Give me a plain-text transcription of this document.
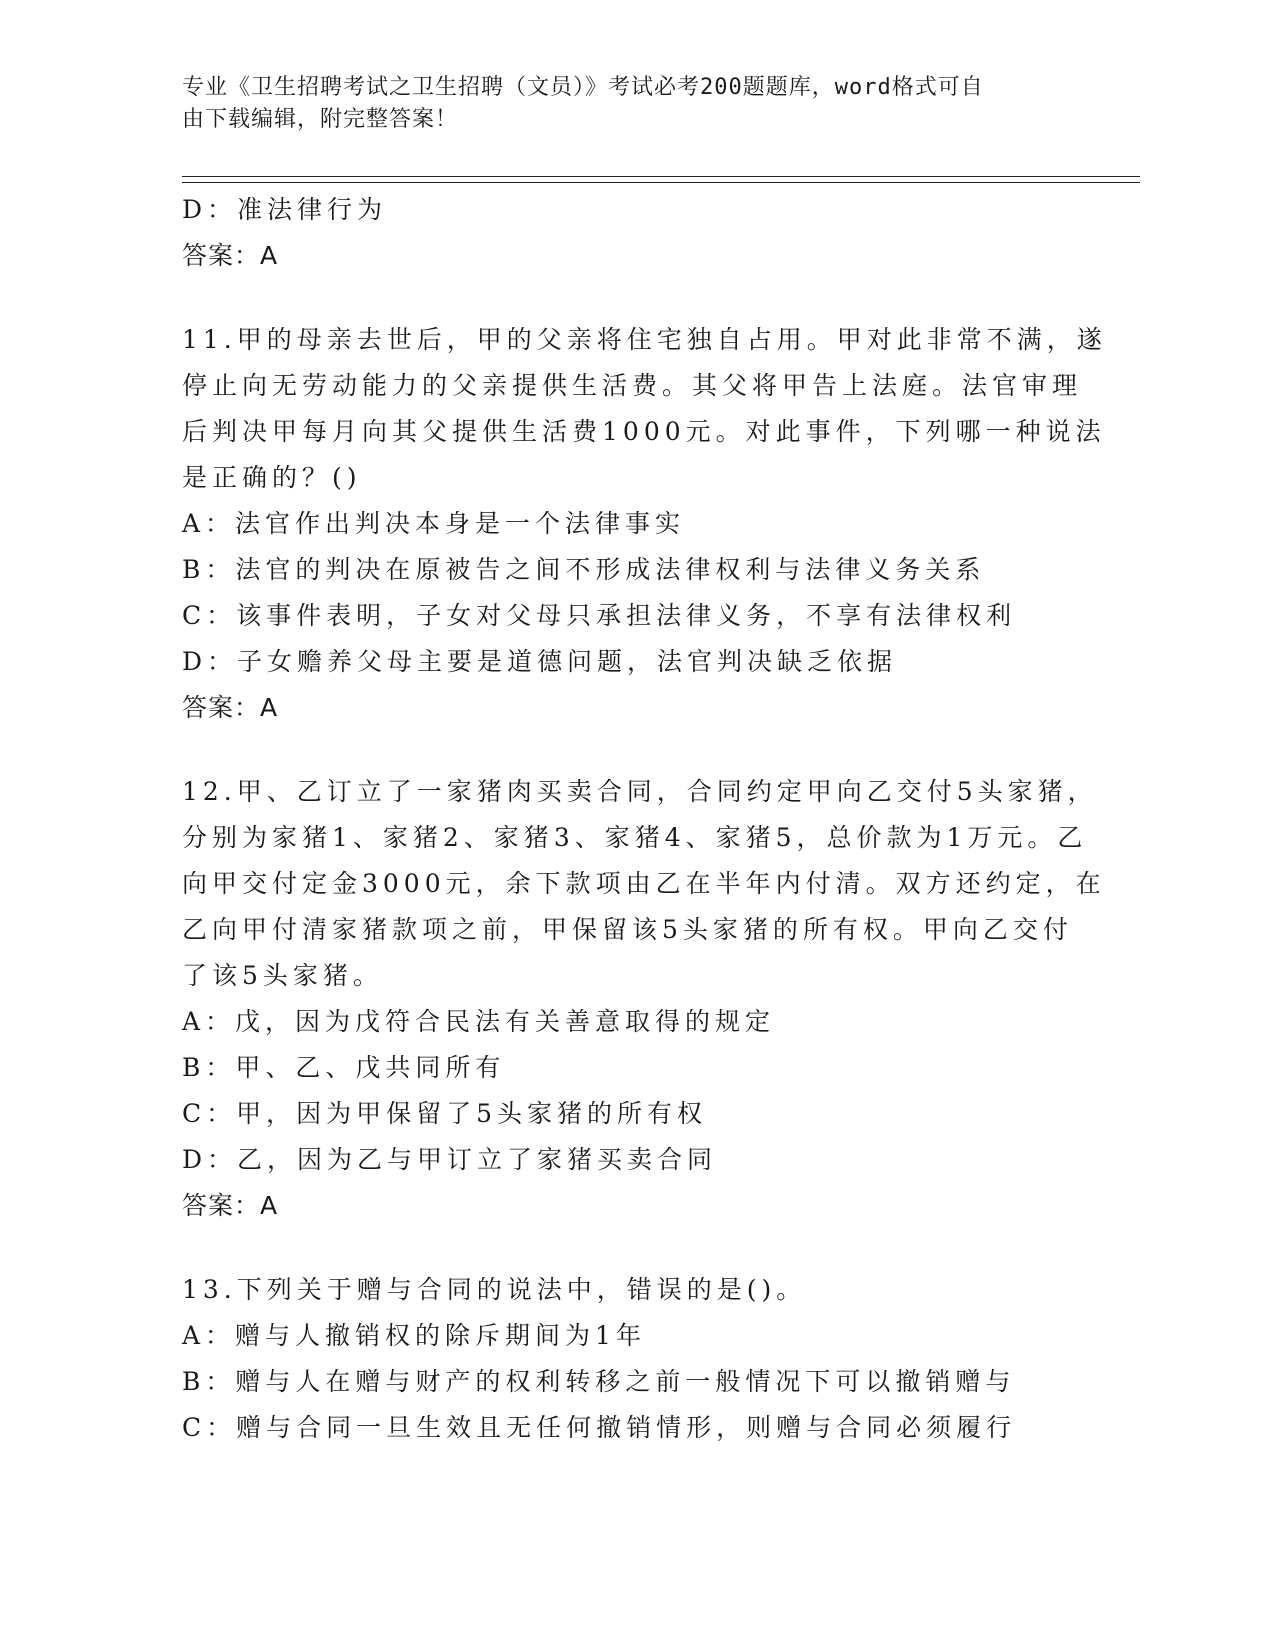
专业《卫生招聘考试之卫生招聘（文员）》考试必考200题题库，word格式可自
由下载编辑，附完整答案！
D：准法律行为
答案：A
11.甲的母亲去世后，甲的父亲将住宅独自占用。甲对此非常不满，遂
停止向无劳动能力的父亲提供生活费。其父将甲告上法庭。法官审理
后判决甲每月向其父提供生活费1000元。对此事件，下列哪一种说法
是正确的？()
A：法官作出判决本身是一个法律事实
B：法官的判决在原被告之间不形成法律权利与法律义务关系
C：该事件表明，子女对父母只承担法律义务，不享有法律权利
D：子女赡养父母主要是道德问题，法官判决缺乏依据
答案：A
12.甲、乙订立了一家猪肉买卖合同，合同约定甲向乙交付5头家猪，
分别为家猪1、家猪2、家猪3、家猪4、家猪5，总价款为1万元。乙
向甲交付定金3000元，余下款项由乙在半年内付清。双方还约定，在
乙向甲付清家猪款项之前，甲保留该5头家猪的所有权。甲向乙交付
了该5头家猪。
A：戊，因为戊符合民法有关善意取得的规定
B：甲、乙、戊共同所有
C：甲，因为甲保留了5头家猪的所有权
D：乙，因为乙与甲订立了家猪买卖合同
答案：A
13.下列关于赠与合同的说法中，错误的是()。
A：赠与人撤销权的除斥期间为1年
B：赠与人在赠与财产的权利转移之前一般情况下可以撤销赠与
C：赠与合同一旦生效且无任何撤销情形，则赠与合同必须履行
